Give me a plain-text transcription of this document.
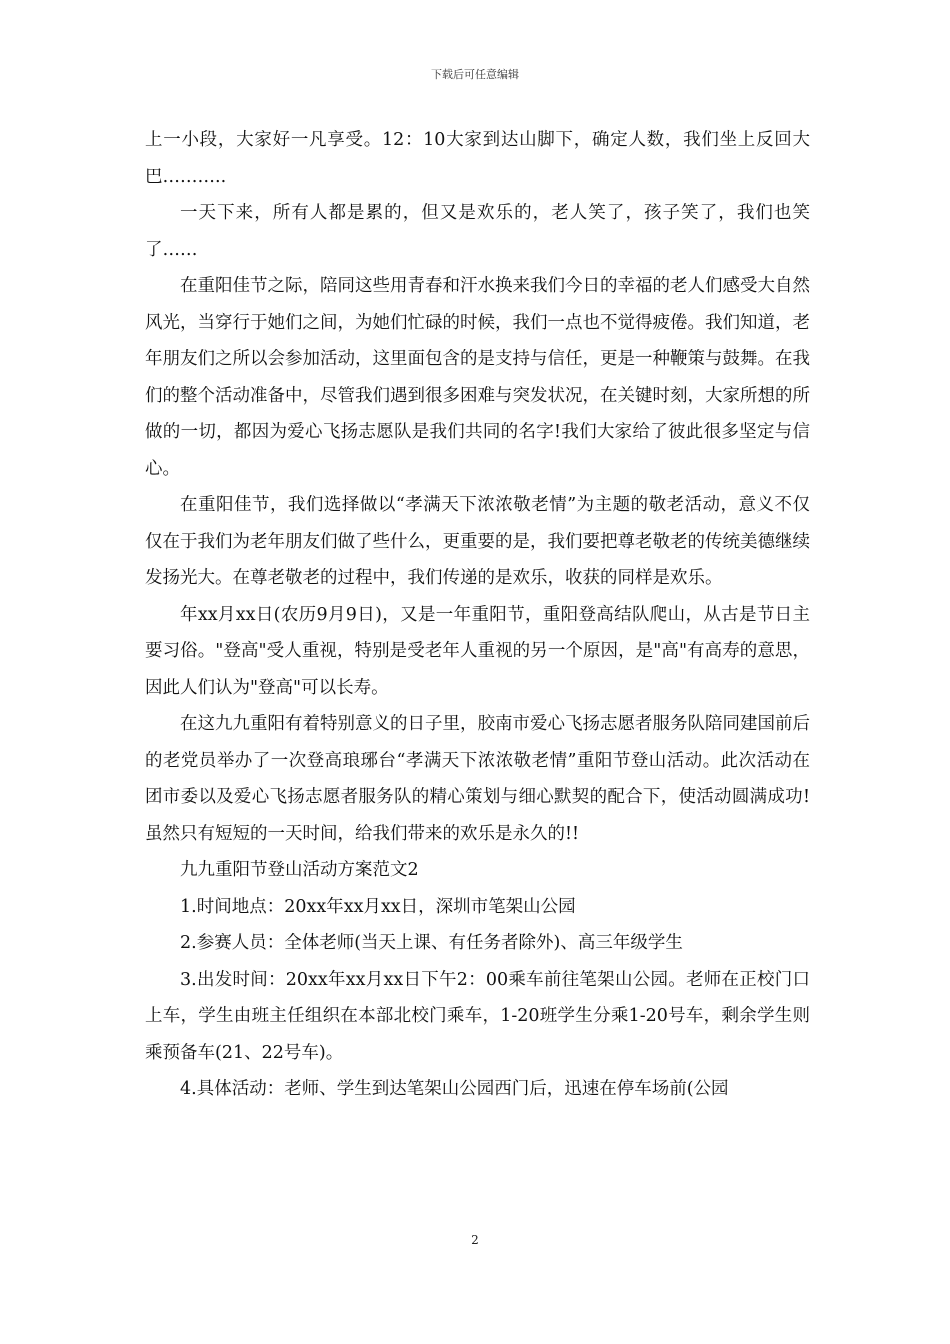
下载后可任意编辑

上一小段，大家好一凡享受。12：10大家到达山脚下，确定人数，我们坐上反回大巴………..

一天下来，所有人都是累的，但又是欢乐的，老人笑了，孩子笑了，我们也笑了……

在重阳佳节之际，陪同这些用青春和汗水换来我们今日的幸福的老人们感受大自然风光，当穿行于她们之间，为她们忙碌的时候，我们一点也不觉得疲倦。我们知道，老年朋友们之所以会参加活动，这里面包含的是支持与信任，更是一种鞭策与鼓舞。在我们的整个活动准备中，尽管我们遇到很多困难与突发状况，在关键时刻，大家所想的所做的一切，都因为爱心飞扬志愿队是我们共同的名字!我们大家给了彼此很多坚定与信心。

在重阳佳节，我们选择做以“孝满天下浓浓敬老情”为主题的敬老活动，意义不仅仅在于我们为老年朋友们做了些什么，更重要的是，我们要把尊老敬老的传统美德继续发扬光大。在尊老敬老的过程中，我们传递的是欢乐，收获的同样是欢乐。

年xx月xx日(农历9月9日)，又是一年重阳节，重阳登高结队爬山，从古是节日主要习俗。"登高"受人重视，特别是受老年人重视的另一个原因，是"高"有高寿的意思，因此人们认为"登高"可以长寿。

在这九九重阳有着特别意义的日子里，胶南市爱心飞扬志愿者服务队陪同建国前后的老党员举办了一次登高琅琊台“孝满天下浓浓敬老情”重阳节登山活动。此次活动在团市委以及爱心飞扬志愿者服务队的精心策划与细心默契的配合下，使活动圆满成功!虽然只有短短的一天时间，给我们带来的欢乐是永久的!!

九九重阳节登山活动方案范文2

1.时间地点：20xx年xx月xx日，深圳市笔架山公园

2.参赛人员：全体老师(当天上课、有任务者除外)、高三年级学生

3.出发时间：20xx年xx月xx日下午2：00乘车前往笔架山公园。老师在正校门口上车，学生由班主任组织在本部北校门乘车，1-20班学生分乘1-20号车，剩余学生则乘预备车(21、22号车)。

4.具体活动：老师、学生到达笔架山公园西门后，迅速在停车场前(公园

2
